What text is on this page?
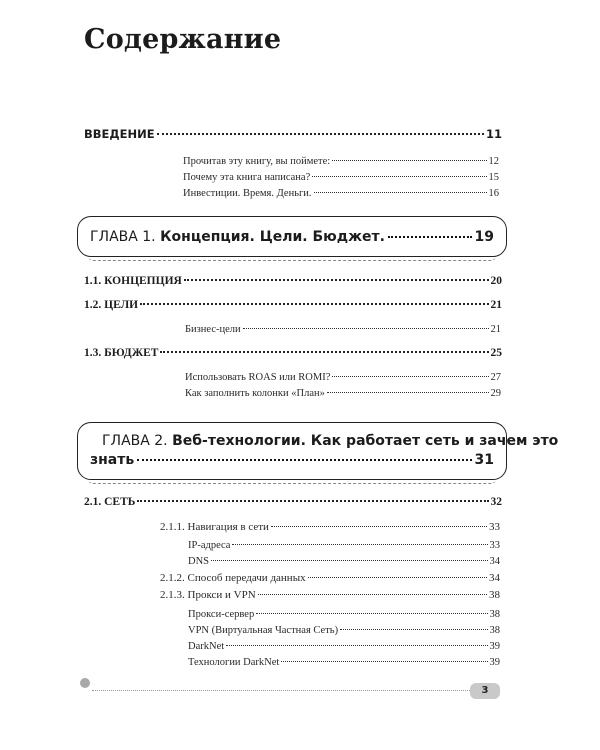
Содержание
ВВЕДЕНИЕ	11
Прочитав эту книгу, вы поймете:	12
Почему эта книга написана?	15
Инвестиции. Время. Деньги.	16
ГЛАВА 1. Концепция. Цели. Бюджет.	19
1.1. КОНЦЕПЦИЯ	20
1.2. ЦЕЛИ	21
Бизнес-цели	21
1.3. БЮДЖЕТ	25
Использовать ROAS или ROMI?	27
Как заполнить колонки «План»	29
ГЛАВА 2. Веб-технологии. Как работает сеть и зачем это
знать	31
2.1. СЕТЬ	32
2.1.1. Навигация в сети	33
IP-адреса	33
DNS	34
2.1.2. Способ передачи данных	34
2.1.3. Прокси и VPN	38
Прокси-сервер	38
VPN (Виртуальная Частная Сеть)	38
DarkNet	39
Технологии DarkNet	39
3
